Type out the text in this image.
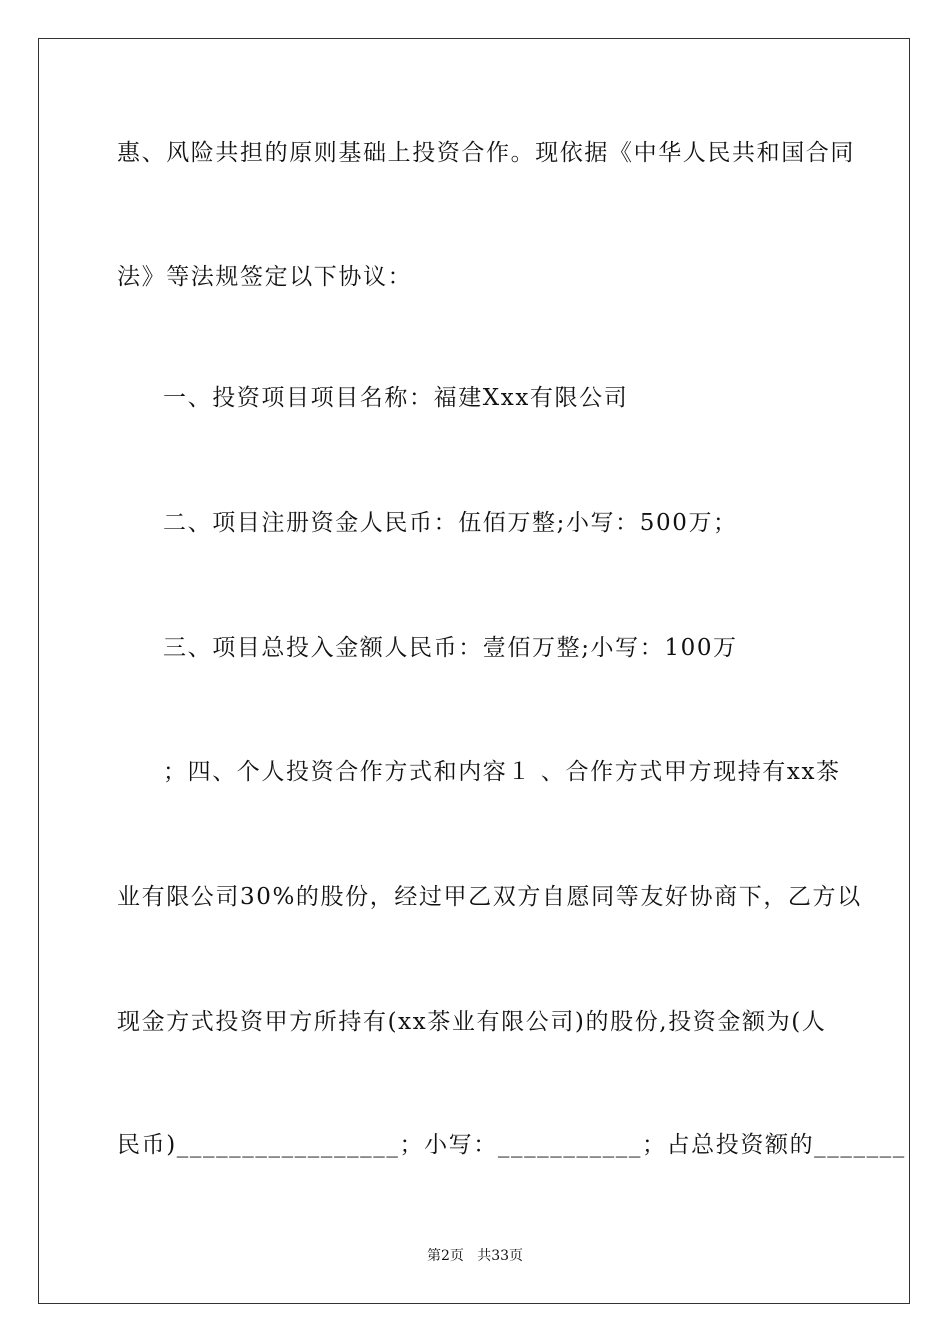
惠、风险共担的原则基础上投资合作。现依据《中华人民共和国合同
法》等法规签定以下协议：
一、投资项目项目名称：福建Xxx有限公司
二、项目注册资金人民币：伍佰万整;小写：500万；
三、项目总投入金额人民币：壹佰万整;小写：100万
；四、个人投资合作方式和内容１ 、合作方式甲方现持有xx茶
业有限公司30%的股份，经过甲乙双方自愿同等友好协商下，乙方以
现金方式投资甲方所持有(xx茶业有限公司)的股份,投资金额为(人
民币)_________________；小写：___________；占总投资额的_______
第2页   共33页
